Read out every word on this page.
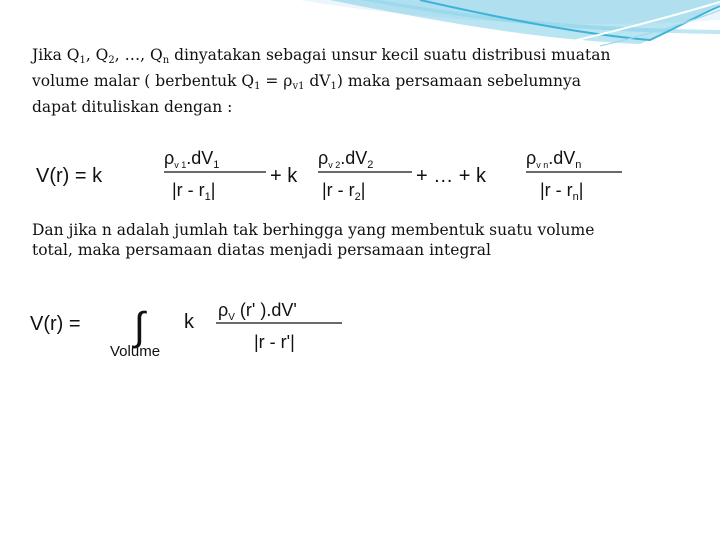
Jika $Q_1$, $Q_2$, …, $Q_n$ dinyatakan sebagai unsur kecil suatu distribusi muatan
volume malar ( berbentuk $Q_1 = \rho_{v1}$ $dV_1$) maka persamaan sebelumnya
dapat dituliskan dengan :

V(r) = k
$\rho_{v 1}.dV_1$
$|r - r_1|$
+ k
$\rho_{v 2}.dV_2$
$|r - r_2|$
+ … + k
$\rho_{v n}.dV_n$
$|r - r_n|$

Dan jika n adalah jumlah tak berhingga yang membentuk suatu volume
total, maka persamaan diatas menjadi persamaan integral

V(r) = ∫
Volume
k
$\rho_V$ (r' ).dV'
|r - r'|
